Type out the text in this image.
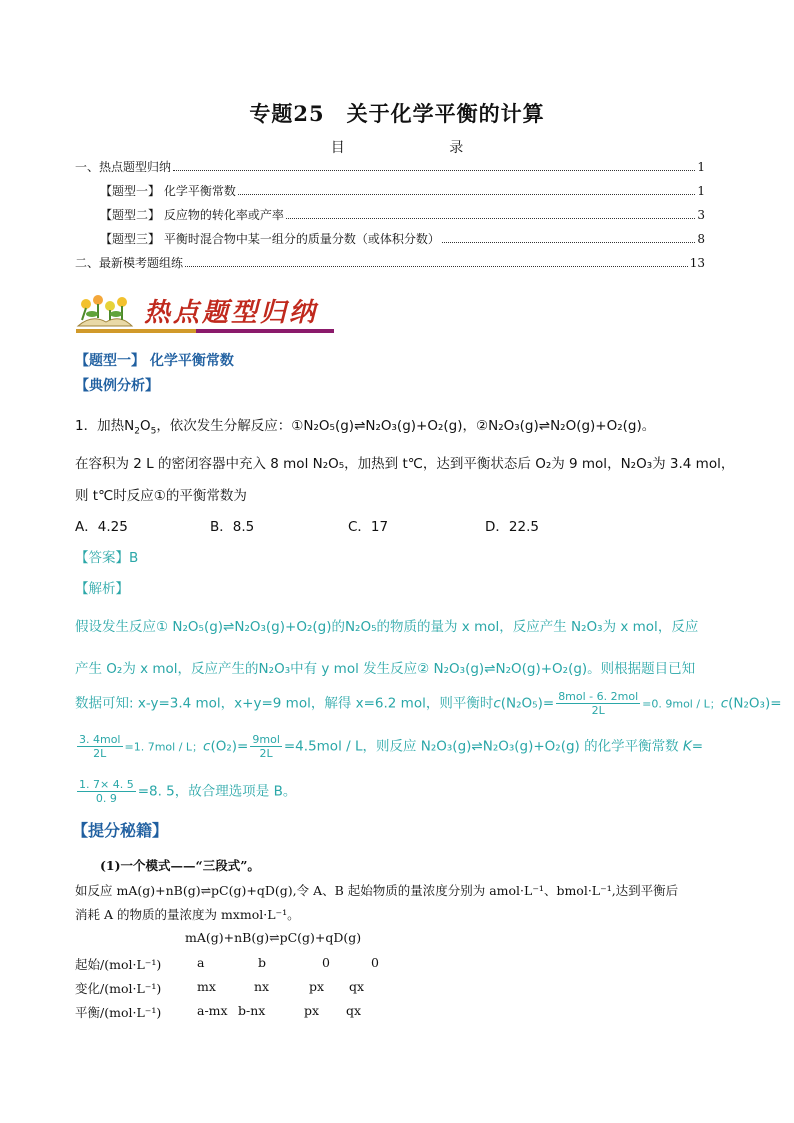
专题25　关于化学平衡的计算
目	录
一、热点题型归纳	1
【题型一】 化学平衡常数	1
【题型二】 反应物的转化率或产率	3
【题型三】 平衡时混合物中某一组分的质量分数（或体积分数）	8
二、最新模考题组练	13
热点题型归纳
【题型一】 化学平衡常数
【典例分析】
1．加热$N_2O_5$，依次发生分解反应：①N₂O₅(g)⇌N₂O₃(g)+O₂(g)，②N₂O₃(g)⇌N₂O(g)+O₂(g)。
在容积为 2 L 的密闭容器中充入 8 mol N₂O₅，加热到 t℃，达到平衡状态后 O₂为 9 mol，N₂O₃为 3.4 mol，
则 t℃时反应①的平衡常数为
A．4.25	B．8.5	C．17	D．22.5
【答案】B
【解析】
假设发生反应① N₂O₅(g)⇌N₂O₃(g)+O₂(g)的N₂O₅的物质的量为 x mol，反应产生 N₂O₃为 x mol，反应
产生 O₂为 x mol，反应产生的N₂O₃中有 y mol 发生反应② N₂O₃(g)⇌N₂O(g)+O₂(g)。则根据题目已知
数据可知: x-y=3.4 mol，x+y=9 mol，解得 x=6.2 mol，则平衡时$c(N_2O_5)= \frac{\text{8mol - 6. 2mol}}{2L} =0$. 9mol / L；c(N₂O₃)=
$\frac{\text{3. 4mol}}{2L} =1$. 7mol / L；$c(O_2)= \frac{\text{9mol}}{2L} =4.5mol / L$，则反应 N₂O₃(g)⇌N₂O₃(g)+O₂(g) 的化学平衡常数 K=
$\frac{1. 7\times 4. 5}{0. 9} =8$. 5，故合理选项是 B。
【提分秘籍】
(1)一个模式——“三段式”。
如反应 mA(g)+nB(g)⇌pC(g)+qD(g),令 A、B 起始物质的量浓度分别为 amol·L⁻¹、bmol·L⁻¹,达到平衡后
消耗 A 的物质的量浓度为 mxmol·L⁻¹。
mA(g)+nB(g)⇌pC(g)+qD(g)
起始/(mol·L⁻¹)	a	b	0	0
变化/(mol·L⁻¹)	mx	nx	px qx
平衡/(mol·L⁻¹)	a-mx b-nx	px qx
